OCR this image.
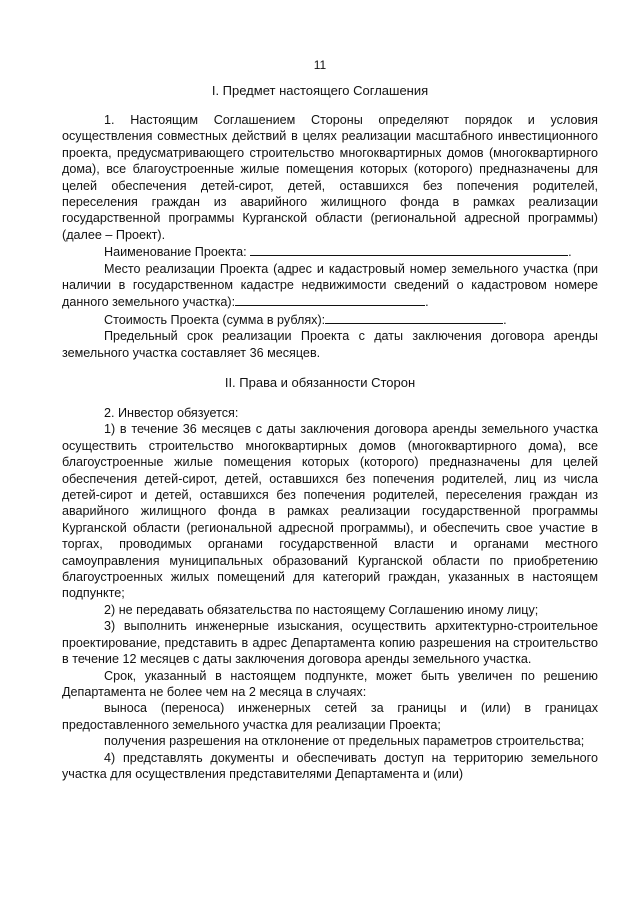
11
I. Предмет настоящего Соглашения

1. Настоящим Соглашением Стороны определяют порядок и условия осуществления совместных действий в целях реализации масштабного инвестиционного проекта, предусматривающего строительство многоквартирных домов (многоквартирного дома), все благоустроенные жилые помещения которых (которого) предназначены для целей обеспечения детей-сирот, детей, оставшихся без попечения родителей, переселения граждан из аварийного жилищного фонда в рамках реализации государственной программы Курганской области (региональной адресной программы) (далее – Проект).

Наименование Проекта:	.

Место реализации Проекта (адрес и кадастровый номер земельного участка (при наличии в государственном кадастре недвижимости сведений о кадастровом номере данного земельного участка):	.

Стоимость Проекта (сумма в рублях):	.

Предельный срок реализации Проекта с даты заключения договора аренды земельного участка составляет 36 месяцев.

II. Права и обязанности Сторон

2. Инвестор обязуется:

1) в течение 36 месяцев с даты заключения договора аренды земельного участка осуществить строительство многоквартирных домов (многоквартирного дома), все благоустроенные жилые помещения которых (которого) предназначены для целей обеспечения детей-сирот, детей, оставшихся без попечения родителей, лиц из числа детей-сирот и детей, оставшихся без попечения родителей, переселения граждан из аварийного жилищного фонда в рамках реализации государственной программы Курганской области (региональной адресной программы), и обеспечить свое участие в торгах, проводимых органами государственной власти и органами местного самоуправления муниципальных образований Курганской области по приобретению благоустроенных жилых помещений для категорий граждан, указанных в настоящем подпункте;

2) не передавать обязательства по настоящему Соглашению иному лицу;

3) выполнить инженерные изыскания, осуществить архитектурно-строительное проектирование, представить в адрес Департамента копию разрешения на строительство в течение 12 месяцев с даты заключения договора аренды земельного участка.

Срок, указанный в настоящем подпункте, может быть увеличен по решению Департамента не более чем на 2 месяца в случаях:

выноса (переноса) инженерных сетей за границы и (или) в границах предоставленного земельного участка для реализации Проекта;

получения разрешения на отклонение от предельных параметров строительства;

4) представлять документы и обеспечивать доступ на территорию земельного участка для осуществления представителями Департамента и (или)
